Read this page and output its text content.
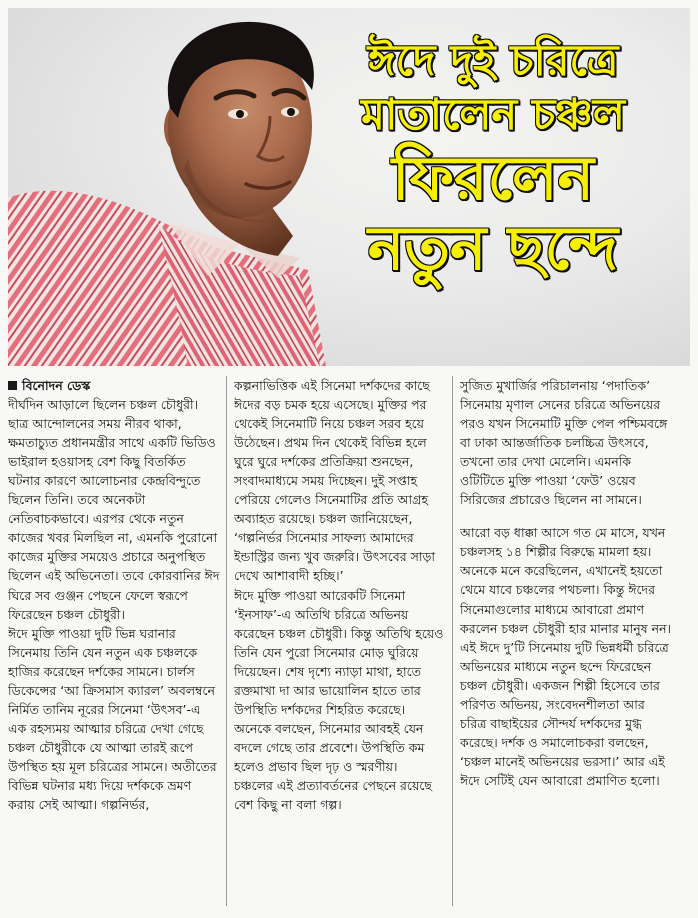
ঈদে দুই চরিত্রে
মাতালেন চঞ্চল
ফিরলেন
নতুন ছন্দে

বিনোদন ডেস্ক

দীর্ঘদিন আড়ালে ছিলেন চঞ্চল চৌধুরী। ছাত্র আন্দোলনের সময় নীরব থাকা, ক্ষমতাচ্যুত প্রধানমন্ত্রীর সাথে একটি ভিডিও ভাইরাল হওয়াসহ বেশ কিছু বিতর্কিত ঘটনার কারণে আলোচনার কেন্দ্রবিন্দুতে ছিলেন তিনি। তবে অনেকটা নেতিবাচকভাবে। এরপর থেকে নতুন কাজের খবর মিলছিল না, এমনকি পুরোনো কাজের মুক্তির সময়েও প্রচারে অনুপস্থিত ছিলেন এই অভিনেতা। তবে কোরবানির ঈদ ঘিরে সব গুঞ্জন পেছনে ফেলে স্বরূপে ফিরেছেন চঞ্চল চৌধুরী।

ঈদে মুক্তি পাওয়া দুটি ভিন্ন ঘরানার সিনেমায় তিনি যেন নতুন এক চঞ্চলকে হাজির করেছেন দর্শকের সামনে। চার্লস ডিকেন্সের ‘আ ক্রিসমাস ক্যারল’ অবলম্বনে নির্মিত তানিম নূরের সিনেমা ‘উৎসব’-এ এক রহস্যময় আত্মার চরিত্রে দেখা গেছে চঞ্চল চৌধুরীকে যে আত্মা তারই রূপে উপস্থিত হয় মূল চরিত্রের সামনে। অতীতের বিভিন্ন ঘটনার মধ্য দিয়ে দর্শককে ভ্রমণ করায় সেই আত্মা। গল্পনির্ভর,

কল্পনাভিত্তিক এই সিনেমা দর্শকদের কাছে ঈদের বড় চমক হয়ে এসেছে। মুক্তির পর থেকেই সিনেমাটি নিয়ে চঞ্চল সরব হয়ে উঠেছেন। প্রথম দিন থেকেই বিভিন্ন হলে ঘুরে ঘুরে দর্শকের প্রতিক্রিয়া শুনছেন, সংবাদমাধ্যমে সময় দিচ্ছেন। দুই সপ্তাহ পেরিয়ে গেলেও সিনেমাটির প্রতি আগ্রহ অব্যাহত রয়েছে। চঞ্চল জানিয়েছেন, ‘গল্পনির্ভর সিনেমার সাফল্য আমাদের ইন্ডাস্ট্রির জন্য খুব জরুরি। উৎসবের সাড়া দেখে আশাবাদী হচ্ছি।’

ঈদে মুক্তি পাওয়া আরেকটি সিনেমা ‘ইনসাফ’-এ অতিথি চরিত্রে অভিনয় করেছেন চঞ্চল চৌধুরী। কিন্তু অতিথি হয়েও তিনি যেন পুরো সিনেমার মোড় ঘুরিয়ে দিয়েছেন। শেষ দৃশ্যে ন্যাড়া মাথা, হাতে রক্তমাখা দা আর ভায়োলিন হাতে তার উপস্থিতি দর্শকদের শিহরিত করেছে। অনেকে বলছেন, সিনেমার আবহই যেন বদলে গেছে তার প্রবেশে। উপস্থিতি কম হলেও প্রভাব ছিল দৃঢ় ও স্মরণীয়।

চঞ্চলের এই প্রত্যাবর্তনের পেছনে রয়েছে বেশ কিছু না বলা গল্প।

সুজিত মুখার্জির পরিচালনায় ‘পদাতিক’ সিনেমায় মৃণাল সেনের চরিত্রে অভিনয়ের পরও যখন সিনেমাটি মুক্তি পেল পশ্চিমবঙ্গে বা ঢাকা আন্তর্জাতিক চলচ্চিত্র উৎসবে, তখনো তার দেখা মেলেনি। এমনকি ওটিটিতে মুক্তি পাওয়া ‘ফেউ’ ওয়েব সিরিজের প্রচারেও ছিলেন না সামনে।

আরো বড় ধাক্কা আসে গত মে মাসে, যখন চঞ্চলসহ ১৪ শিল্পীর বিরুদ্ধে মামলা হয়। অনেকে মনে করেছিলেন, এখানেই হয়তো থেমে যাবে চঞ্চলের পথচলা। কিন্তু ঈদের সিনেমাগুলোর মাধ্যমে আবারো প্রমাণ করলেন চঞ্চল চৌধুরী হার মানার মানুষ নন। এই ঈদে দু’টি সিনেমায় দুটি ভিন্নধর্মী চরিত্রে অভিনয়ের মাধ্যমে নতুন ছন্দে ফিরেছেন চঞ্চল চৌধুরী। একজন শিল্পী হিসেবে তার পরিণত অভিনয়, সংবেদনশীলতা আর চরিত্র বাছাইয়ের সৌন্দর্য দর্শকদের মুগ্ধ করেছে। দর্শক ও সমালোচকরা বলছেন, ‘চঞ্চল মানেই অভিনয়ের ভরসা।’ আর এই ঈদে সেটিই যেন আবারো প্রমাণিত হলো।
